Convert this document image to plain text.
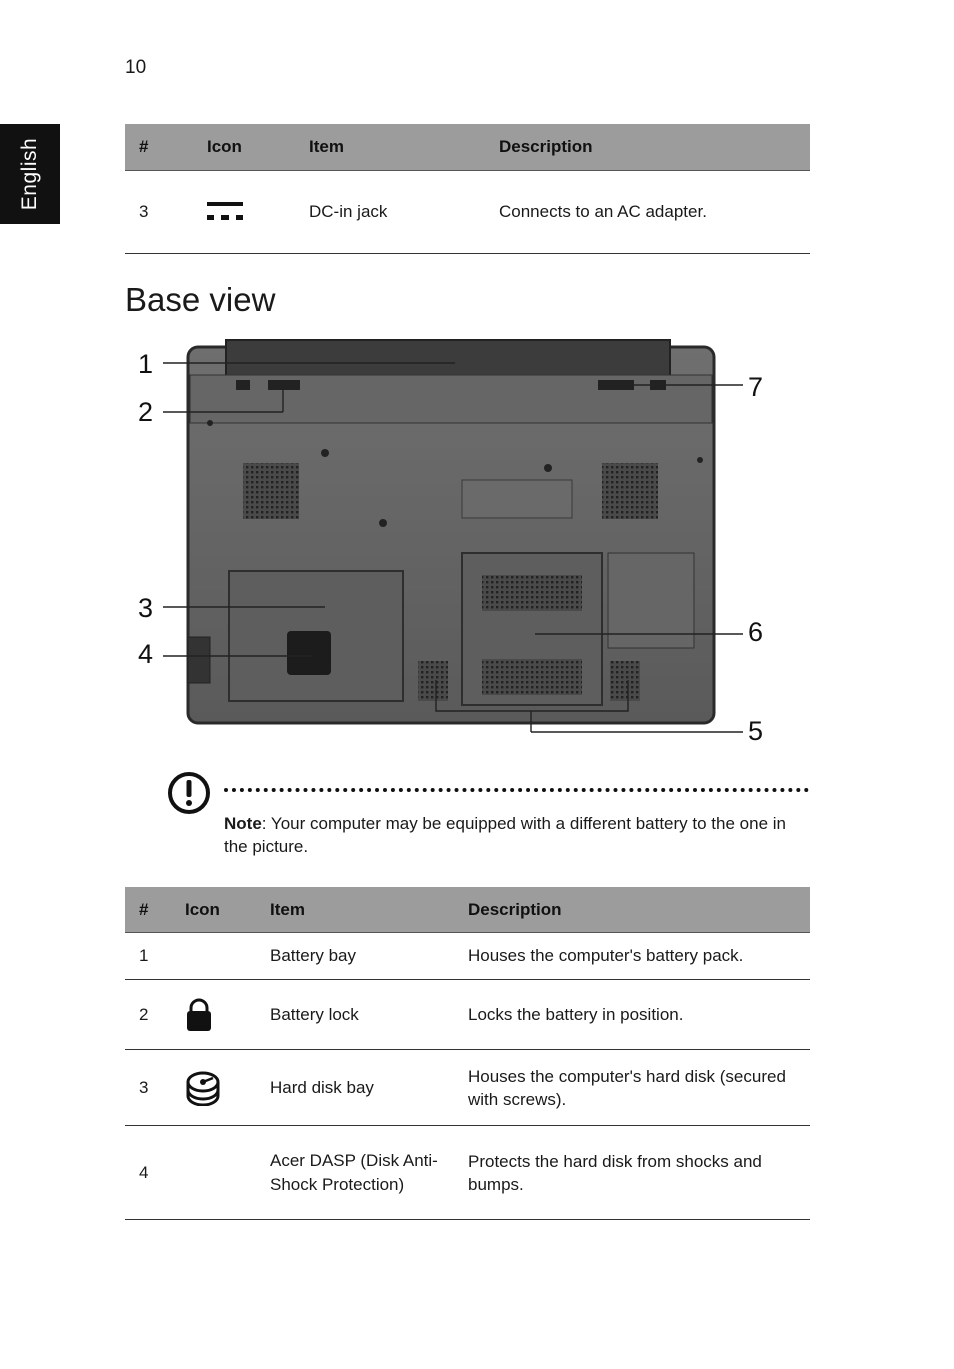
10
English	#	Icon	Item	Description
3		DC-in jack	Connects to an AC adapter.
Base view
1
2
3
4
5
6
7
Note: Your computer may be equipped with a different battery to the one in the picture.
#	Icon	Item	Description
1		Battery bay	Houses the computer's battery pack.
2		Battery lock	Locks the battery in position.
3		Hard disk bay	Houses the computer's hard disk (secured with screws).
4		Acer DASP (Disk Anti-
Shock Protection)	Protects the hard disk from shocks and bumps.
